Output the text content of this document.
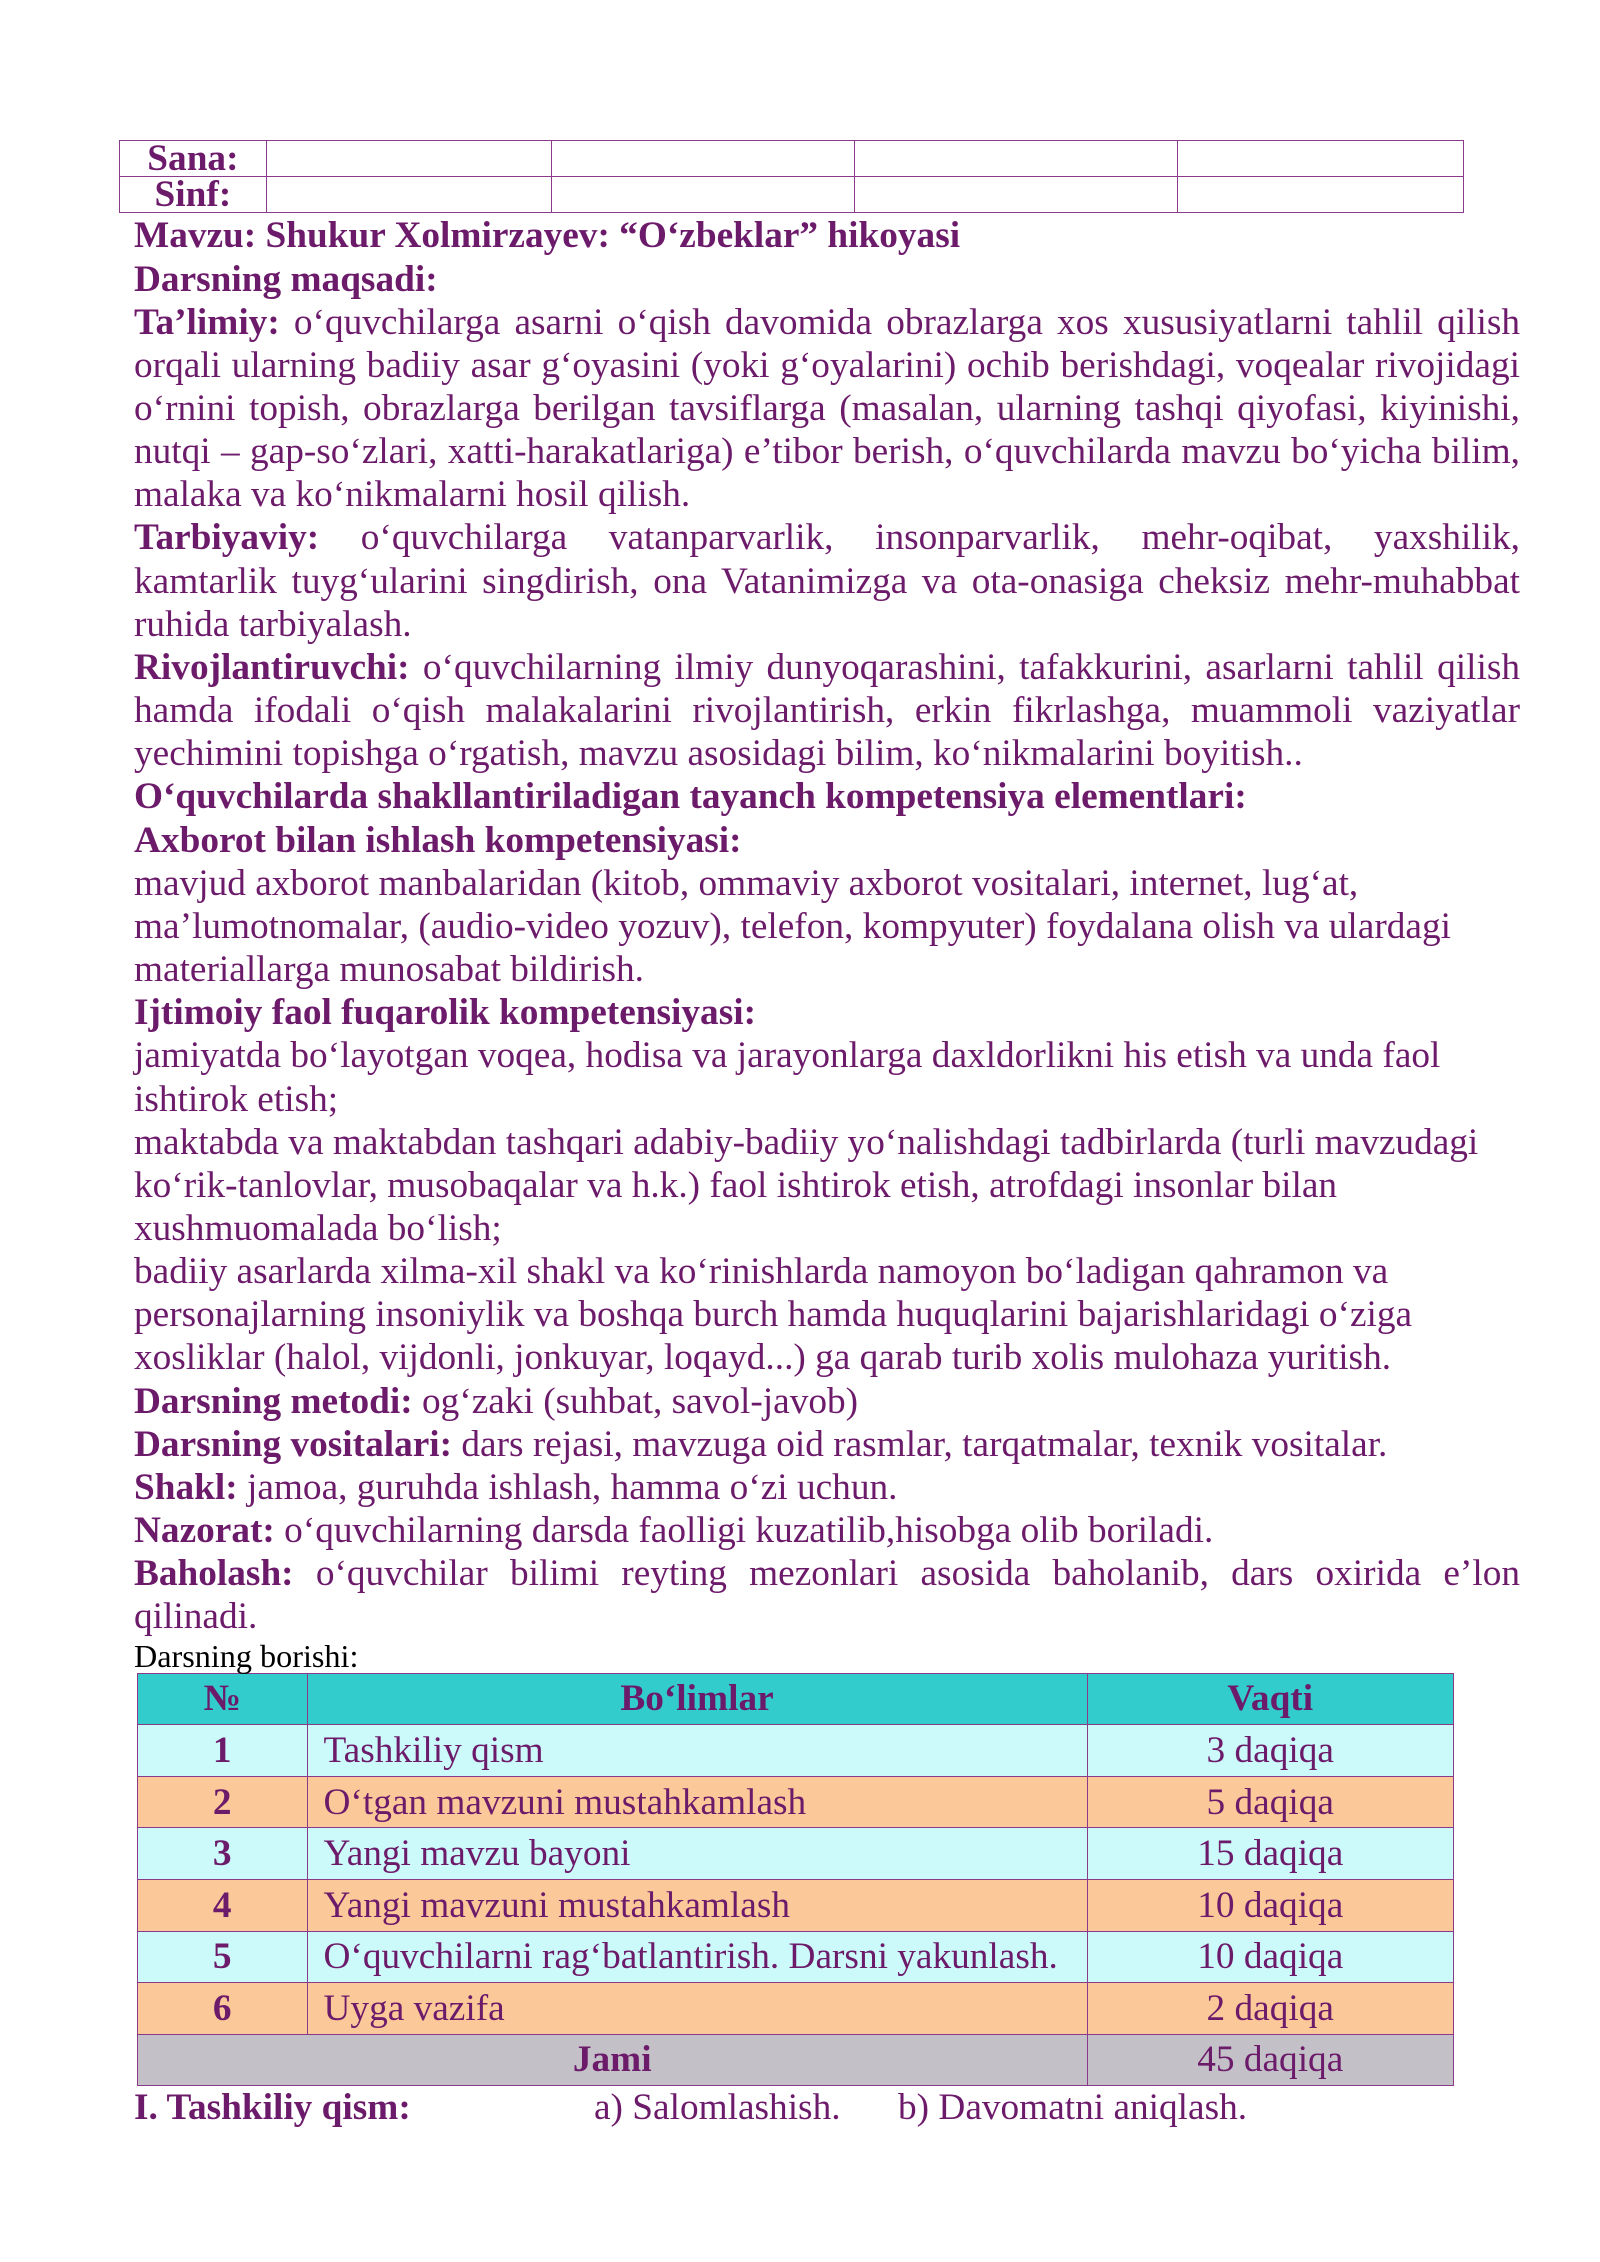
Sana:				
Sinf:				
Mavzu: Shukur Xolmirzayev: “O‘zbeklar” hikoyasi
Darsning maqsadi:
Ta’limiy: o‘quvchilarga asarni o‘qish davomida obrazlarga xos xususiyatlarni tahlil qilish
orqali ularning badiiy asar g‘oyasini (yoki g‘oyalarini) ochib berishdagi, voqealar rivojidagi
o‘rnini topish, obrazlarga berilgan tavsiflarga (masalan, ularning tashqi qiyofasi, kiyinishi,
nutqi – gap-so‘zlari, xatti-harakatlariga) e’tibor berish, o‘quvchilarda mavzu bo‘yicha bilim,
malaka va ko‘nikmalarni hosil qilish.
Tarbiyaviy: o‘quvchilarga vatanparvarlik, insonparvarlik, mehr-oqibat, yaxshilik,
kamtarlik tuyg‘ularini singdirish, ona Vatanimizga va ota-onasiga cheksiz mehr-muhabbat
ruhida tarbiyalash.
Rivojlantiruvchi: o‘quvchilarning ilmiy dunyoqarashini, tafakkurini, asarlarni tahlil qilish
hamda ifodali o‘qish malakalarini rivojlantirish, erkin fikrlashga, muammoli vaziyatlar
yechimini topishga o‘rgatish, mavzu asosidagi bilim, ko‘nikmalarini boyitish..
O‘quvchilarda shakllantiriladigan tayanch kompetensiya elementlari:
Axborot bilan ishlash kompetensiyasi:
mavjud axborot manbalaridan (kitob, ommaviy axborot vositalari, internet, lug‘at,
ma’lumotnomalar, (audio-video yozuv), telefon, kompyuter) foydalana olish va ulardagi
materiallarga munosabat bildirish.
Ijtimoiy faol fuqarolik kompetensiyasi:
jamiyatda bo‘layotgan voqea, hodisa va jarayonlarga daxldorlikni his etish va unda faol
ishtirok etish;
maktabda va maktabdan tashqari adabiy-badiiy yo‘nalishdagi tadbirlarda (turli mavzudagi
ko‘rik-tanlovlar, musobaqalar va h.k.) faol ishtirok etish, atrofdagi insonlar bilan
xushmuomalada bo‘lish;
badiiy asarlarda xilma-xil shakl va ko‘rinishlarda namoyon bo‘ladigan qahramon va
personajlarning insoniylik va boshqa burch hamda huquqlarini bajarishlaridagi o‘ziga
xosliklar (halol, vijdonli, jonkuyar, loqayd...) ga qarab turib xolis mulohaza yuritish.
Darsning metodi: og‘zaki (suhbat, savol-javob)
Darsning vositalari: dars rejasi, mavzuga oid rasmlar, tarqatmalar, texnik vositalar.
Shakl: jamoa, guruhda ishlash, hamma o‘zi uchun.
Nazorat: o‘quvchilarning darsda faolligi kuzatilib,hisobga olib boriladi.
Baholash: o‘quvchilar bilimi reyting mezonlari asosida baholanib, dars oxirida e’lon
qilinadi.
Darsning borishi:
№	Bo‘limlar	Vaqti
1	Tashkiliy qism	3 daqiqa
2	O‘tgan mavzuni mustahkamlash	5 daqiqa
3	Yangi mavzu bayoni	15 daqiqa
4	Yangi mavzuni mustahkamlash	10 daqiqa
5	O‘quvchilarni rag‘batlantirish. Darsni yakunlash.	10 daqiqa
6	Uyga vazifa	2 daqiqa
Jami		45 daqiqa
I. Tashkiliy qism:	a) Salomlashish. b) Davomatni aniqlash.
